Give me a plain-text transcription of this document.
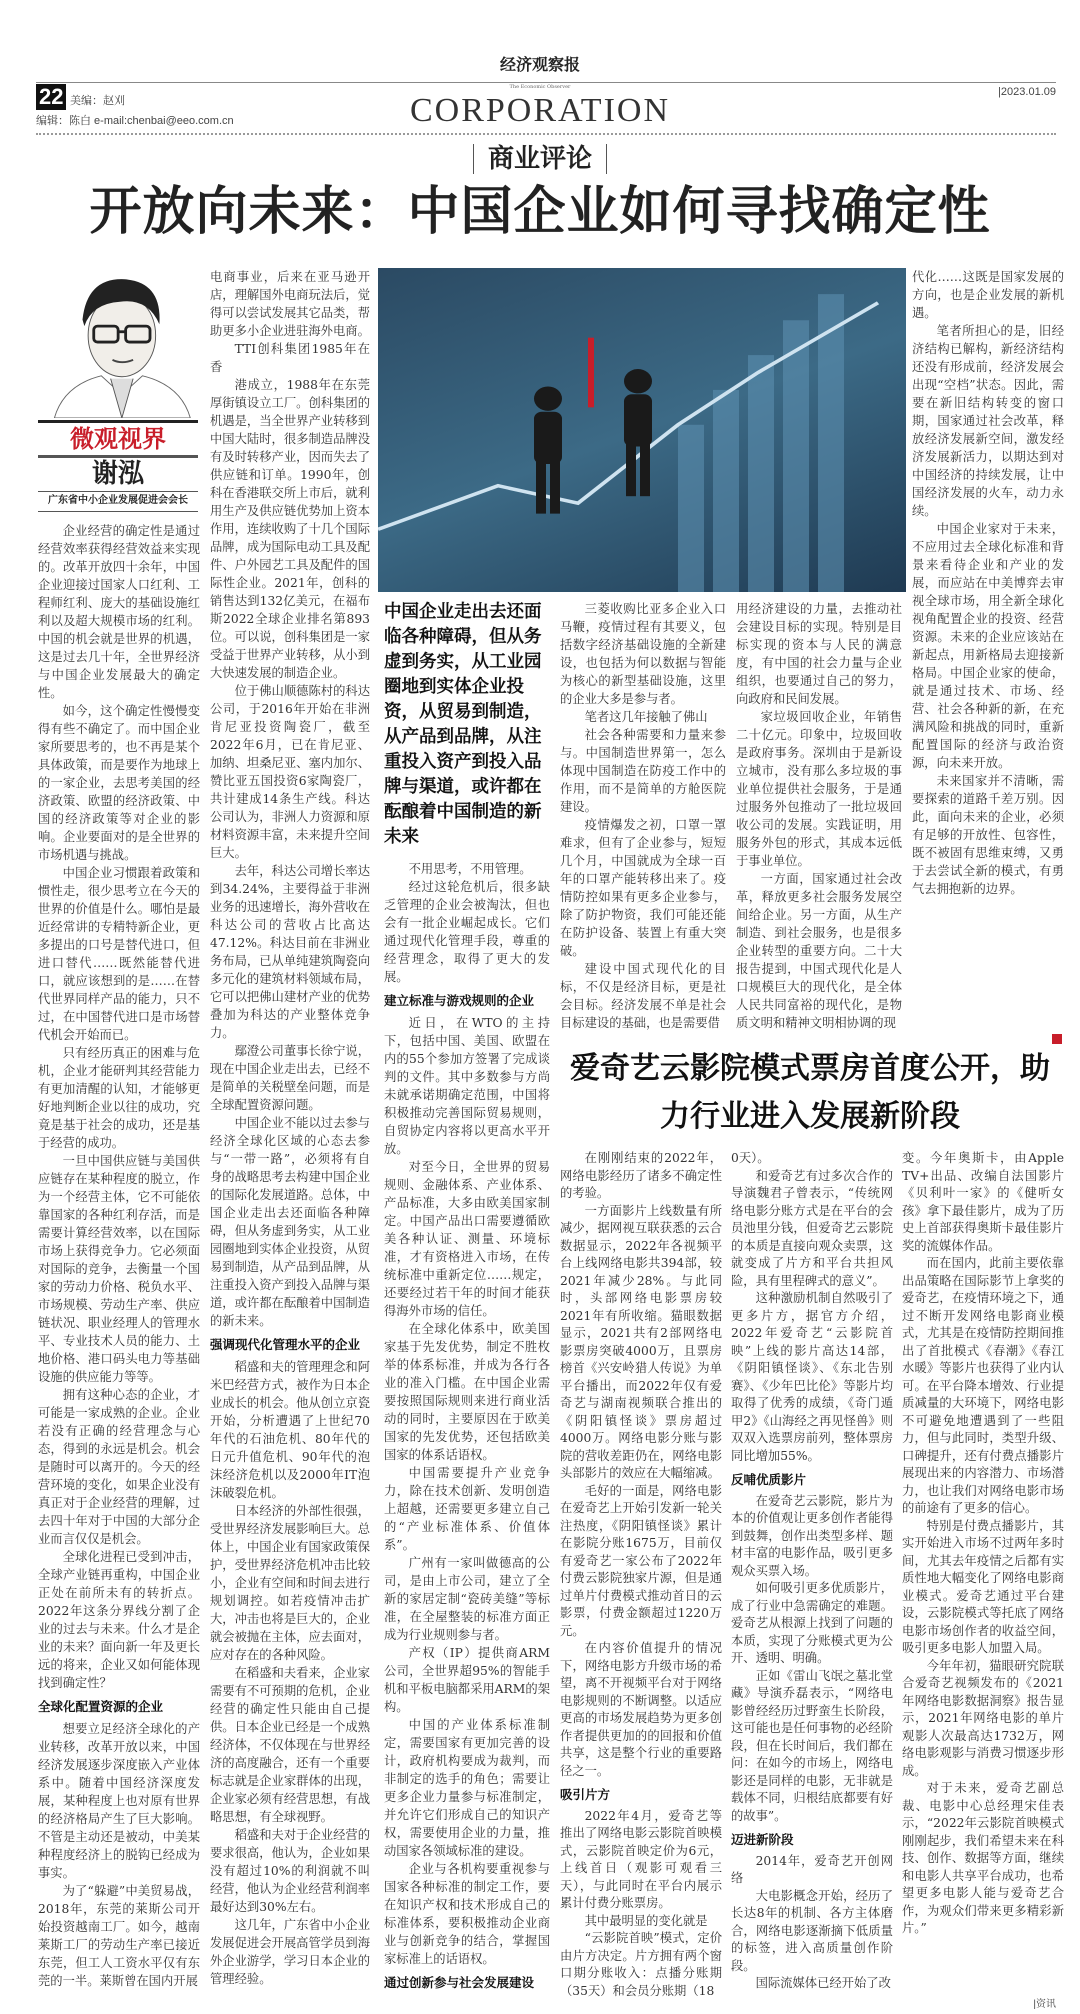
经济观察报
22 美编：赵刈
编辑：陈白 e-mail:chenbai@eeo.com.cn
|2023.01.09
The Economic Observer
CORPORATION
商业评论
开放向未来：中国企业如何寻找确定性
微观视界
谢泓
广东省中小企业发展促进会会长
中国企业走出去还面临各种障碍，但从务虚到务实，从工业园圈地到实体企业投资，从贸易到制造，从产品到品牌，从注重投入资产到投入品牌与渠道，或许都在酝酿着中国制造的新未来

企业经营的确定性是通过经营效率获得经营效益来实现的。改革开放四十余年，中国企业迎接过国家人口红利、工程师红利、庞大的基础设施红利以及超大规模市场的红利。中国的机会就是世界的机遇，这是过去几十年，全世界经济与中国企业发展最大的确定性。

如今，这个确定性慢慢变得有些不确定了。而中国企业家所要思考的，也不再是某个具体政策，而是要作为地球上的一家企业，去思考美国的经济政策、欧盟的经济政策、中国的经济政策等对企业的影响。企业要面对的是全世界的市场机遇与挑战。

中国企业习惯跟着政策和惯性走，很少思考立在今天的世界的价值是什么。哪怕是最近经常讲的专精特新企业，更多提出的口号是替代进口，但进口替代……既然能替代进口，就应该想到的是……在替代世界同样产品的能力，只不过，在中国替代进口是市场替代机会开始而已。

只有经历真正的困难与危机，企业才能研判其经营能力有更加清醒的认知，才能够更好地判断企业以往的成功，究竟是基于社会的成功，还是基于经营的成功。

一旦中国供应链与美国供应链存在某种程度的脱立，作为一个经营主体，它不可能依靠国家的各种红利存活，而是需要计算经营效率，以在国际市场上获得竞争力。它必须面对国际的竞争，去衡量一个国家的劳动力价格、税负水平、市场规模、劳动生产率、供应链状况、职业经理人的管理水平、专业技术人员的能力、土地价格、港口码头电力等基础设施的供应能力等等。

拥有这种心态的企业，才可能是一家成熟的企业。企业若没有正确的经营理念与心态，得到的永远是机会。机会是随时可以离开的。今天的经营环境的变化，如果企业没有真正对于企业经营的理解，过去四十年对于中国的大部分企业而言仅仅是机会。

全球化进程已受到冲击，全球产业链再重构，中国企业正处在前所未有的转折点。2022年这条分界线分割了企业的过去与未来。什么才是企业的未来？面向新一年及更长远的将来，企业又如何能体现找到确定性？

全球化配置资源的企业

想要立足经济全球化的产业转移，改革开放以来，中国经济发展逐步深度嵌入产业体系中。随着中国经济深度发展，某种程度上也对原有世界的经济格局产生了巨大影响。不管是主动还是被动，中美某种程度经济上的脱钩已经成为事实。

为了“躲避”中美贸易战，2018年，东莞的莱斯公司开始投资越南工厂。如今，越南莱斯工厂的劳动生产率已接近东莞，但工人工资水平仅有东莞的一半。莱斯曾在国内开展

电商事业，后来在亚马逊开店，理解国外电商玩法后，觉得可以尝试发展其它品类，帮助更多小企业进驻海外电商。

TTI创科集团1985年在香

港成立，1988年在东莞厚街镇设立工厂。创科集团的机遇是，当全世界产业转移到中国大陆时，很多制造品牌没有及时转移产业，因而失去了供应链和订单。1990年，创科在香港联交所上市后，就利用生产及供应链优势加上资本作用，连续收购了十几个国际品牌，成为国际电动工具及配件、户外园艺工具及配件的国际性企业。2021年，创科的销售达到132亿美元，在福布斯2022全球企业排名第893位。可以说，创科集团是一家受益于世界产业转移，从小到大快速发展的制造企业。

位于佛山顺德陈村的科达公司，于2016年开始在非洲肯尼亚投资陶瓷厂，截至2022年6月，已在肯尼亚、加纳、坦桑尼亚、塞内加尔、赞比亚五国投资6家陶瓷厂，共计建成14条生产线。科达公司认为，非洲人力资源和原材料资源丰富，未来提升空间巨大。

去年，科达公司增长率达到34.24%，主要得益于非洲业务的迅速增长，海外营收在科达公司的营收占比高达47.12%。科达目前在非洲业务布局，已从单纯建筑陶瓷向多元化的建筑材料领域布局，它可以把佛山建材产业的优势叠加为科达的产业整体竞争力。

鄢澄公司董事长徐宁说，现在中国企业走出去，已经不是简单的关税壁垒问题，而是全球配置资源问题。

中国企业不能以过去参与经济全球化区域的心态去参与“一带一路”，必须将有自身的战略思考去构建中国企业的国际化发展道路。总体，中国企业走出去还面临各种障碍，但从务虚到务实，从工业园圈地到实体企业投资，从贸易到制造，从产品到品牌，从注重投入资产到投入品牌与渠道，或许都在酝酿着中国制造的新未来。

强调现代化管理水平的企业

稻盛和夫的管理理念和阿米巴经营方式，被作为日本企业成长的机会。他从创立京瓷开始，分析遭遇了上世纪70年代的石油危机、80年代的日元升值危机、90年代的泡沫经济危机以及2000年IT泡沫破裂危机。

日本经济的外部性很强，受世界经济发展影响巨大。总体上，中国企业有国家政策保护，受世界经济危机冲击比较小，企业有空间和时间去进行规划调控。如若疫情冲击扩大，冲击也将是巨大的，企业就会被抛在主体，应去面对，应对存在的各种风险。

在稻盛和夫看来，企业家需要有不可预期的危机，企业经营的确定性只能由自己提供。日本企业已经是一个成熟经济体，不仅体现在与世界经济的高度融合，还有一个重要标志就是企业家群体的出现，企业家必须有经营思想，有战略思想，有全球视野。

稻盛和夫对于企业经营的要求很高，他认为，企业如果没有超过10%的利润就不叫经营，他认为企业经营利润率最好达到30%左右。

这几年，广东省中小企业发展促进会开展高管学员到海外企业游学，学习日本企业的管理经验。

不用思考，不用管理。

经过这轮危机后，很多缺乏管理的企业会被淘汰，但也会有一批企业崛起成长。它们通过现代化管理手段，尊重的经营理念，取得了更大的发展。

建立标准与游戏规则的企业

近日，在WTO的主持下，包括中国、美国、欧盟在内的55个参加方签署了完成谈判的文件。其中多数参与方尚未就承诺期确定范围，中国将积极推动完善国际贸易规则，自贸协定内容将以更高水平开放。

对至今日，全世界的贸易规则、金融体系、产业体系、产品标准，大多由欧美国家制定。中国产品出口需要遵循欧美各种认证、测量、环境标准，才有资格进入市场，在传统标准中重新定位……规定，还要经过若干年的时间才能获得海外市场的信任。

在全球化体系中，欧美国家基于先发优势，制定不胜枚举的体系标准，并成为各行各业的准入门槛。在中国企业需要按照国际规则来进行商业活动的同时，主要原因在于欧美国家的先发优势，还包括欧美国家的体系话语权。

中国需要提升产业竞争力，除在技术创新、发明创造上超越，还需要更多建立自己的“产业标准体系、价值体系”。

广州有一家叫做德高的公司，是由上市公司，建立了全新的家居定制“瓷砖美缝”等标准，在全屋整装的标准方面正成为行业规则参与者。

产权（IP）提供商ARM公司，全世界超95%的智能手机和平板电脑都采用ARM的架构。

中国的产业体系标准制定，需要国家有更加完善的设计，政府机构要成为裁判，而非制定的选手的角色；需要让更多企业力量参与标准制定，并允许它们形成自己的知识产权，需要使用企业的力量，推动国家各领域标准的建设。

企业与各机构要重视参与国家各种标准的制定工作，要在知识产权和技术形成自己的标准体系，要积极推动企业商业与创新竞争的结合，掌握国家标准上的话语权。

通过创新参与社会发展建设

三菱收购比亚多企业入口马鞭，疫情过程有其要义，包括数字经济基础设施的全新建设，也包括为何以数据与智能为核心的新型基础设施，这里的企业大多是参与者。

笔者这几年接触了佛山

社会各种需要和力量来参与。中国制造世界第一，怎么体现中国制造在防疫工作中的作用，而不是简单的方舱医院建设。

疫情爆发之初，口罩一罩难求，但有了企业参与，短短几个月，中国就成为全球一百年的口罩产能转移出来了。疫情防控如果有更多企业参与，除了防护物资，我们可能还能在防护设备、装置上有重大突破。

建设中国式现代化的目标，不仅是经济目标，更是社会目标。经济发展不单是社会目标建设的基础，也是需要借

用经济建设的力量，去推动社会建设目标的实现。特别是目标实现的资本与人民的满意度，有中国的社会力量与企业组织，也要通过自己的努力，向政府和民间发展。

家垃圾回收企业，年销售二十亿元。印象中，垃圾回收是政府事务。深圳由于是新设立城市，没有那么多垃圾的事业单位提供社会服务，于是通过服务外包推动了一批垃圾回收公司的发展。实践证明，用服务外包的形式，其成本远低于事业单位。

一方面，国家通过社会改革，释放更多社会服务发展空间给企业。另一方面，从生产制造、到社会服务，也是很多企业转型的重要方向。二十大报告提到，中国式现代化是人口规模巨大的现代化，是全体人民共同富裕的现代化，是物质文明和精神文明相协调的现

代化……这既是国家发展的方向，也是企业发展的新机遇。

笔者所担心的是，旧经济结构已解构，新经济结构还没有形成前，经济发展会出现“空档”状态。因此，需要在新旧结构转变的窗口期，国家通过社会改革，释放经济发展新空间，激发经济发展新活力，以期达到对中国经济的持续发展，让中国经济发展的火车，动力永续。

中国企业家对于未来，不应用过去全球化标准和背景来看待企业和产业的发展，而应站在中美博弈去审视全球市场，用全新全球化视角配置企业的投资、经营资源。未来的企业应该站在新起点，用新格局去迎接新格局。中国企业家的使命，就是通过技术、市场、经营、社会各种新的新，在充满风险和挑战的同时，重新配置国际的经济与政治资源，向未来开放。

未来国家并不清晰，需要探索的道路千差万别。因此，面向未来的企业，必须有足够的开放性、包容性，既不被固有思维束缚，又勇于去尝试全新的模式，有勇气去拥抱新的边界。

爱奇艺云影院模式票房首度公开，助力行业进入发展新阶段

在刚刚结束的2022年，网络电影经历了诸多不确定性的考验。

一方面影片上线数量有所减少，据网视互联获悉的云合数据显示，2022年各视频平台上线网络电影共394部，较2021年减少28%。与此同时，头部网络电影票房较2021年有所收缩。猫眼数据显示，2021共有2部网络电影票房突破4000万，且票房榜首《兴安岭猎人传说》为单平台播出，而2022年仅有爱奇艺与湖南视频联合推出的《阴阳镇怪谈》票房超过4000万。网络电影分账与影院的营收差距仍在，网络电影头部影片的效应在大幅缩减。

毛好的一面是，网络电影在爱奇艺上开始引发新一轮关注热度，《阴阳镇怪谈》累计在影院分账1675万，目前仅有爱奇艺一家公布了2022年付费云影院独家片源，但是通过单片付费模式推动首日的云影票，付费金额超过1220万元。

在内容价值提升的情况下，网络电影方升级市场的希望，离不开视频平台对于网络电影规则的不断调整。以适应更高的市场发展趋势为更多创作者提供更加的的回报和价值共享，这是整个行业的重要路径之一。

吸引片方

2022年4月，爱奇艺等推出了网络电影云影院首映模式，云影院首映定价为6元，上线首日（观影可观看三天），与此同时在平台内展示累计付费分账票房。

其中最明显的变化就是

“云影院首映”模式，定价由片方决定。片方拥有两个窗口期分账收入：点播分账期（35天）和会员分账期（18

0天）。

和爱奇艺有过多次合作的导演魏君子曾表示，“传统网络电影分账方式是在平台的会员池里分钱，但爱奇艺云影院的本质是直接向观众卖票，这就变成了片方和平台共担风险，具有里程碑式的意义”。

这种激励机制自然吸引了更多片方，据官方介绍，2022年爱奇艺“云影院首映”上线的影片高达14部，《阴阳镇怪谈》、《东北告别赛》、《少年巴比伦》等影片均取得了优秀的成绩，《奇门遁甲2》《山海经之再见怪兽》则双双入选票房前列，整体票房同比增加55%。

反哺优质影片

在爱奇艺云影院，影片为本的价值观让更多创作者能得到鼓舞，创作出类型多样、题材丰富的电影作品，吸引更多观众买票入场。

如何吸引更多优质影片，成了行业中急需确定的难题。爱奇艺从根源上找到了问题的本质，实现了分账模式更为公开、透明、明确。

正如《雷山飞氓之墓北堂藏》导演乔磊表示，“网络电影曾经经历过野蛮生长阶段，这可能也是任何事物的必经阶段，但在长时间后，我们都在问：在如今的市场上，网络电影还是同样的电影，无非就是载体不同，归根结底都要有好的故事”。

迈进新阶段

2014年，爱奇艺开创网络

大电影概念开始，经历了长达8年的机制、各方主体磨合，网络电影逐渐摘下低质量的标签，进入高质量创作阶段。

国际流媒体已经开始了改

变。今年奥斯卡，由Apple TV+出品、改编自法国影片《贝利叶一家》的《健听女孩》拿下最佳影片，成为了历史上首部获得奥斯卡最佳影片奖的流媒体作品。

而在国内，此前主要依靠出品策略在国际影节上拿奖的爱奇艺，在疫情环境之下，通过不断开发网络电影商业模式，尤其是在疫情防控期间推出了首批模式《春潮》《春江水暖》等影片也获得了业内认可。在平台降本增效、行业提质减量的大环境下，网络电影不可避免地遭遇到了一些阻力，但与此同时，类型升级、口碑提升，还有付费点播影片展现出来的内容潜力、市场潜力，也让我们对网络电影市场的前途有了更多的信心。

特别是付费点播影片，其实开始进入市场不过两年多时间，尤其去年疫情之后都有实质性地大幅变化了网络电影商业模式。爱奇艺通过平台建设，云影院模式等托底了网络电影市场创作者的收益空间，吸引更多电影人加盟入局。

今年年初，猫眼研究院联合爱奇艺视频发布的《2021年网络电影数据洞察》报告显示，2021年网络电影的单片观影人次最高达1732万，网络电影观影与消费习惯逐步形成。

对于未来，爱奇艺副总裁、电影中心总经理宋佳表示，“2022年云影院首映模式刚刚起步，我们希望未来在科技、创作、数据等方面，继续和电影人共享平台成功，也希望更多电影人能与爱奇艺合作，为观众们带来更多精彩新片。”

|资讯
